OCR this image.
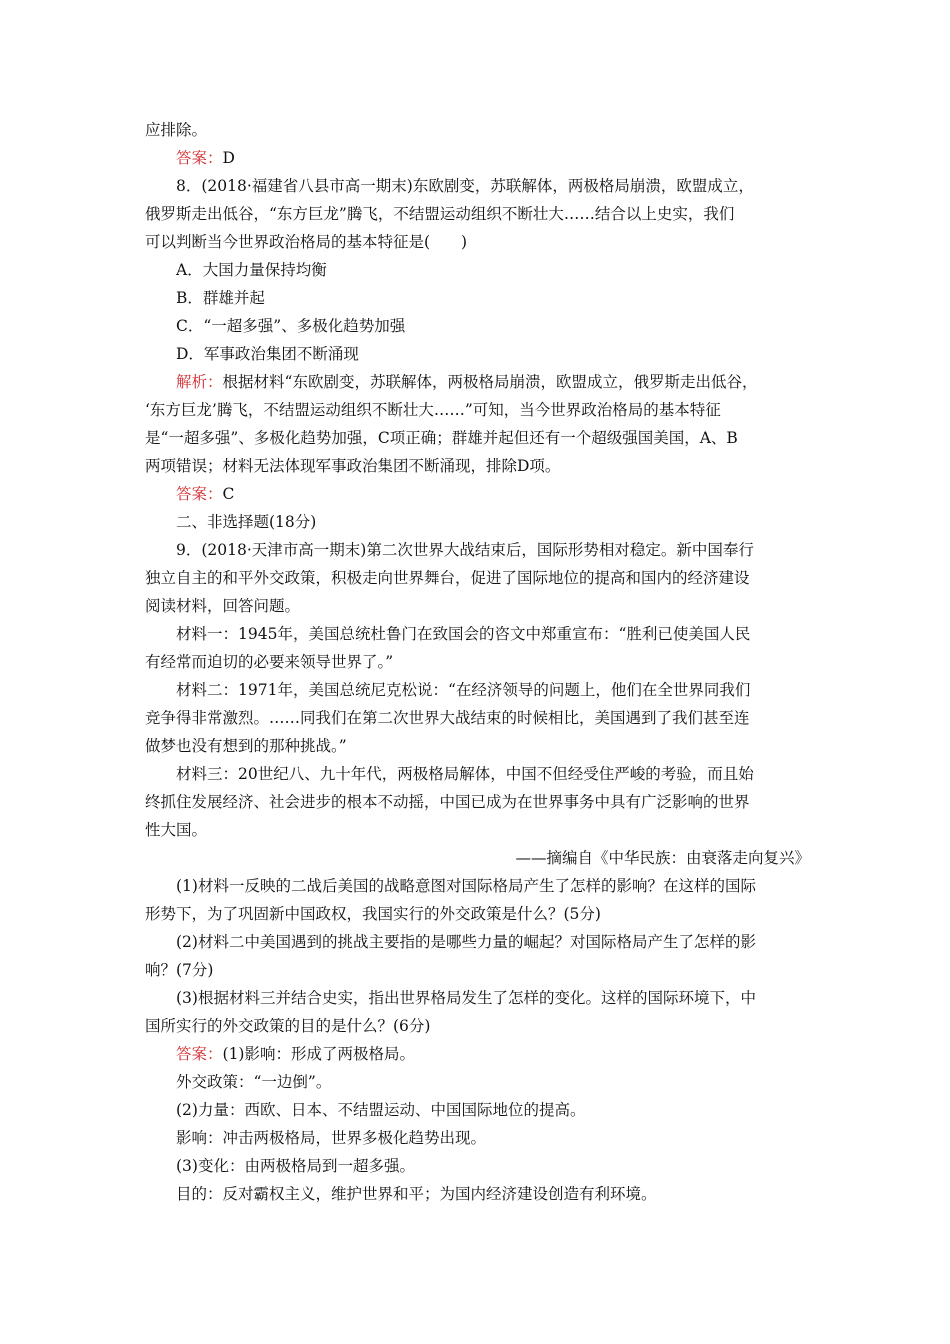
应排除。
答案：D
8．(2018·福建省八县市高一期末)东欧剧变，苏联解体，两极格局崩溃，欧盟成立，
俄罗斯走出低谷，“东方巨龙”腾飞，不结盟运动组织不断壮大……结合以上史实，我们
可以判断当今世界政治格局的基本特征是(　　)
A．大国力量保持均衡
B．群雄并起
C．“一超多强”、多极化趋势加强
D．军事政治集团不断涌现
解析：根据材料“东欧剧变，苏联解体，两极格局崩溃，欧盟成立，俄罗斯走出低谷，
‘东方巨龙’腾飞，不结盟运动组织不断壮大……”可知，当今世界政治格局的基本特征
是“一超多强”、多极化趋势加强，C项正确；群雄并起但还有一个超级强国美国，A、B
两项错误；材料无法体现军事政治集团不断涌现，排除D项。
答案：C
二、非选择题(18分)
9．(2018·天津市高一期末)第二次世界大战结束后，国际形势相对稳定。新中国奉行
独立自主的和平外交政策，积极走向世界舞台，促进了国际地位的提高和国内的经济建设
阅读材料，回答问题。
材料一：1945年，美国总统杜鲁门在致国会的咨文中郑重宣布：“胜利已使美国人民
有经常而迫切的必要来领导世界了。”
材料二：1971年，美国总统尼克松说：“在经济领导的问题上，他们在全世界同我们
竞争得非常激烈。……同我们在第二次世界大战结束的时候相比，美国遇到了我们甚至连
做梦也没有想到的那种挑战。”
材料三：20世纪八、九十年代，两极格局解体，中国不但经受住严峻的考验，而且始
终抓住发展经济、社会进步的根本不动摇，中国已成为在世界事务中具有广泛影响的世界
性大国。
——摘编自《中华民族：由衰落走向复兴》
(1)材料一反映的二战后美国的战略意图对国际格局产生了怎样的影响？在这样的国际
形势下，为了巩固新中国政权，我国实行的外交政策是什么？(5分)
(2)材料二中美国遇到的挑战主要指的是哪些力量的崛起？对国际格局产生了怎样的影
响？(7分)
(3)根据材料三并结合史实，指出世界格局发生了怎样的变化。这样的国际环境下，中
国所实行的外交政策的目的是什么？(6分)
答案：(1)影响：形成了两极格局。
外交政策：“一边倒”。
(2)力量：西欧、日本、不结盟运动、中国国际地位的提高。
影响：冲击两极格局，世界多极化趋势出现。
(3)变化：由两极格局到一超多强。
目的：反对霸权主义，维护世界和平；为国内经济建设创造有利环境。
